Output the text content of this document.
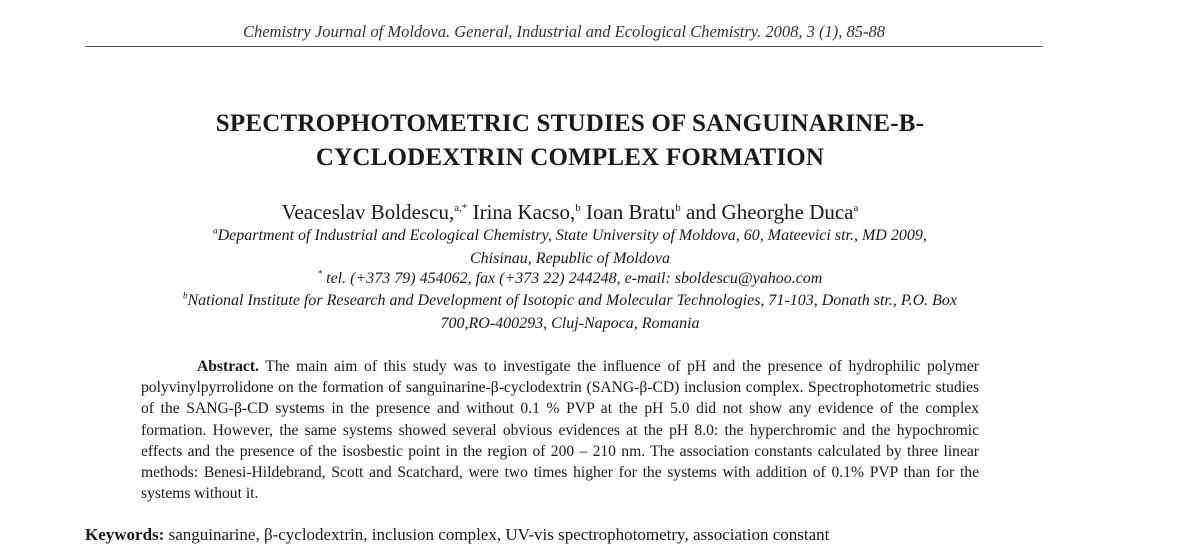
Chemistry Journal of Moldova. General, Industrial and Ecological Chemistry. 2008, 3 (1), 85-88
SPECTROPHOTOMETRIC STUDIES OF SANGUINARINE-B-
CYCLODEXTRIN COMPLEX FORMATION
Veaceslav Boldescu,$^{a,*}$ Irina Kacso,$^b$ Ioan Bratu$^b$ and Gheorghe Duca$^a$
$^a$Department of Industrial and Ecological Chemistry, State University of Moldova, 60, Mateevici str., MD 2009,
Chisinau, Republic of Moldova
* tel. (+373 79) 454062, fax (+373 22) 244248, e-mail: sboldescu@yahoo.com
$^b$National Institute for Research and Development of Isotopic and Molecular Technologies, 71-103, Donath str., P.O. Box
700,RO-400293, Cluj-Napoca, Romania

Abstract. The main aim of this study was to investigate the influence of pH and the presence of hydrophilic polymer polyvinylpyrrolidone on the formation of sanguinarine-β-cyclodextrin (SANG-β-CD) inclusion complex. Spectrophotometric studies of the SANG-β-CD systems in the presence and without 0.1 % PVP at the pH 5.0 did not show any evidence of the complex formation. However, the same systems showed several obvious evidences at the pH 8.0: the hyperchromic and the hypochromic effects and the presence of the isosbestic point in the region of 200 – 210 nm. The association constants calculated by three linear methods: Benesi-Hildebrand, Scott and Scatchard, were two times higher for the systems with addition of 0.1% PVP than for the systems without it.

Keywords: sanguinarine, β-cyclodextrin, inclusion complex, UV-vis spectrophotometry, association constant
